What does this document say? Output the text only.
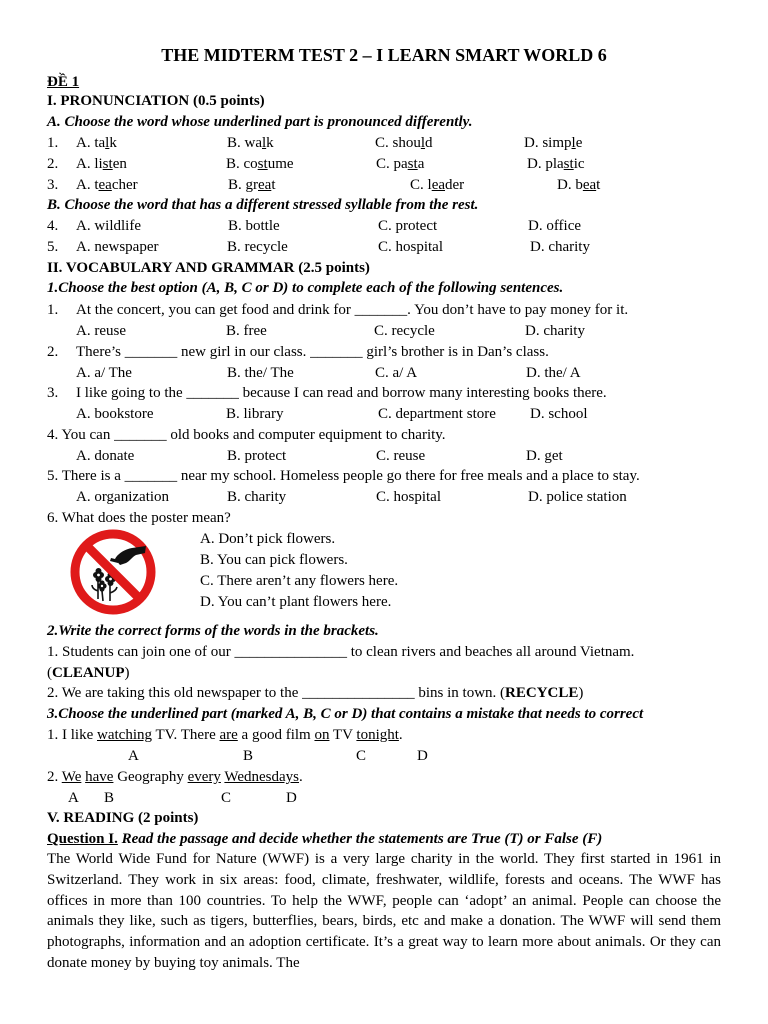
THE MIDTERM TEST 2 – I LEARN SMART WORLD 6
ĐỀ 1
I. PRONUNCIATION (0.5 points)
A. Choose the word whose underlined part is pronounced differently.
1. A. talk	B. walk	C. should	D. simple
2. A. listen	B. costume	C. pasta	D. plastic
3. A. teacher	B. great	C. leader	D. beat
B. Choose the word that has a different stressed syllable from the rest.
4. A. wildlife	B. bottle	C. protect	D. office
5. A. newspaper	B. recycle	C. hospital	D. charity
II. VOCABULARY AND GRAMMAR (2.5 points)
1.Choose the best option (A, B, C or D) to complete each of the following sentences.
1. At the concert, you can get food and drink for _______. You don’t have to pay money for it.
A. reuse	B. free	C. recycle	D. charity
2. There’s _______ new girl in our class. _______ girl’s brother is in Dan’s class.
A. a/ The	B. the/ The	C. a/ A	D. the/ A
3. I like going to the _______ because I can read and borrow many interesting books there.
A. bookstore	B. library	C. department store D. school
4. You can _______ old books and computer equipment to charity.
A. donate	B. protect	C. reuse	D. get
5. There is a _______ near my school. Homeless people go there for free meals and a place to stay.
A. organization	B. charity	C. hospital	D. police station
6. What does the poster mean?
A. Don’t pick flowers.
B. You can pick flowers.
C. There aren’t any flowers here.
D. You can’t plant flowers here.
2.Write the correct forms of the words in the brackets.
1. Students can join one of our _______________ to clean rivers and beaches all around Vietnam.
(CLEANUP)
2. We are taking this old newspaper to the _______________ bins in town. (RECYCLE)
3.Choose the underlined part (marked A, B, C or D) that contains a mistake that needs to correct
1. I like watching TV. There are a good film on TV tonight.
A	B	C	D
2. We have Geography every Wednesdays.
A B	C	D
V. READING (2 points)
Question I. Read the passage and decide whether the statements are True (T) or False (F)
The World Wide Fund for Nature (WWF) is a very large charity in the world. They first started in 1961 in Switzerland. They work in six areas: food, climate, freshwater, wildlife, forests and oceans. The WWF has offices in more than 100 countries. To help the WWF, people can ‘adopt’ an animal. People can choose the animals they like, such as tigers, butterflies, bears, birds, etc and make a donation. The WWF will send them photographs, information and an adoption certificate. It’s a great way to learn more about animals. Or they can donate money by buying toy animals. The
